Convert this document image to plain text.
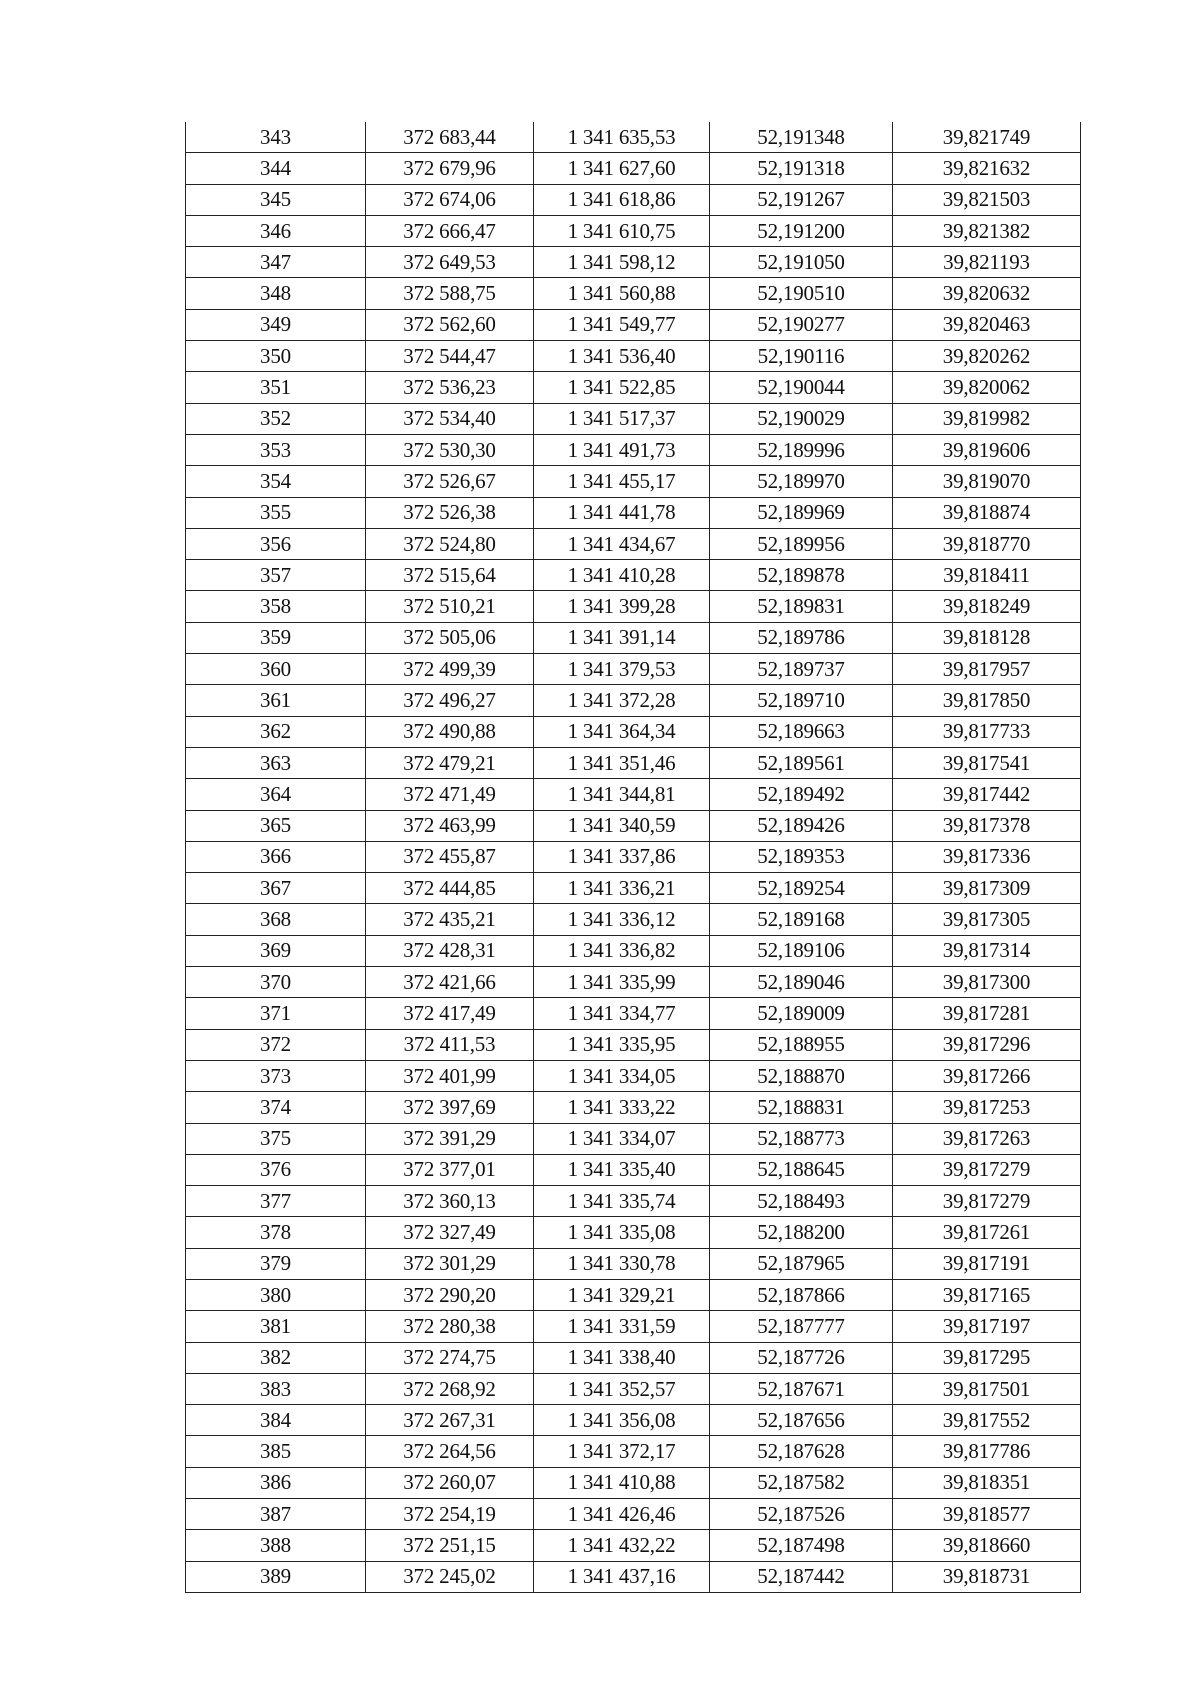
343	372 683,44	1 341 635,53	52,191348	39,821749
344	372 679,96	1 341 627,60	52,191318	39,821632
345	372 674,06	1 341 618,86	52,191267	39,821503
346	372 666,47	1 341 610,75	52,191200	39,821382
347	372 649,53	1 341 598,12	52,191050	39,821193
348	372 588,75	1 341 560,88	52,190510	39,820632
349	372 562,60	1 341 549,77	52,190277	39,820463
350	372 544,47	1 341 536,40	52,190116	39,820262
351	372 536,23	1 341 522,85	52,190044	39,820062
352	372 534,40	1 341 517,37	52,190029	39,819982
353	372 530,30	1 341 491,73	52,189996	39,819606
354	372 526,67	1 341 455,17	52,189970	39,819070
355	372 526,38	1 341 441,78	52,189969	39,818874
356	372 524,80	1 341 434,67	52,189956	39,818770
357	372 515,64	1 341 410,28	52,189878	39,818411
358	372 510,21	1 341 399,28	52,189831	39,818249
359	372 505,06	1 341 391,14	52,189786	39,818128
360	372 499,39	1 341 379,53	52,189737	39,817957
361	372 496,27	1 341 372,28	52,189710	39,817850
362	372 490,88	1 341 364,34	52,189663	39,817733
363	372 479,21	1 341 351,46	52,189561	39,817541
364	372 471,49	1 341 344,81	52,189492	39,817442
365	372 463,99	1 341 340,59	52,189426	39,817378
366	372 455,87	1 341 337,86	52,189353	39,817336
367	372 444,85	1 341 336,21	52,189254	39,817309
368	372 435,21	1 341 336,12	52,189168	39,817305
369	372 428,31	1 341 336,82	52,189106	39,817314
370	372 421,66	1 341 335,99	52,189046	39,817300
371	372 417,49	1 341 334,77	52,189009	39,817281
372	372 411,53	1 341 335,95	52,188955	39,817296
373	372 401,99	1 341 334,05	52,188870	39,817266
374	372 397,69	1 341 333,22	52,188831	39,817253
375	372 391,29	1 341 334,07	52,188773	39,817263
376	372 377,01	1 341 335,40	52,188645	39,817279
377	372 360,13	1 341 335,74	52,188493	39,817279
378	372 327,49	1 341 335,08	52,188200	39,817261
379	372 301,29	1 341 330,78	52,187965	39,817191
380	372 290,20	1 341 329,21	52,187866	39,817165
381	372 280,38	1 341 331,59	52,187777	39,817197
382	372 274,75	1 341 338,40	52,187726	39,817295
383	372 268,92	1 341 352,57	52,187671	39,817501
384	372 267,31	1 341 356,08	52,187656	39,817552
385	372 264,56	1 341 372,17	52,187628	39,817786
386	372 260,07	1 341 410,88	52,187582	39,818351
387	372 254,19	1 341 426,46	52,187526	39,818577
388	372 251,15	1 341 432,22	52,187498	39,818660
389	372 245,02	1 341 437,16	52,187442	39,818731
